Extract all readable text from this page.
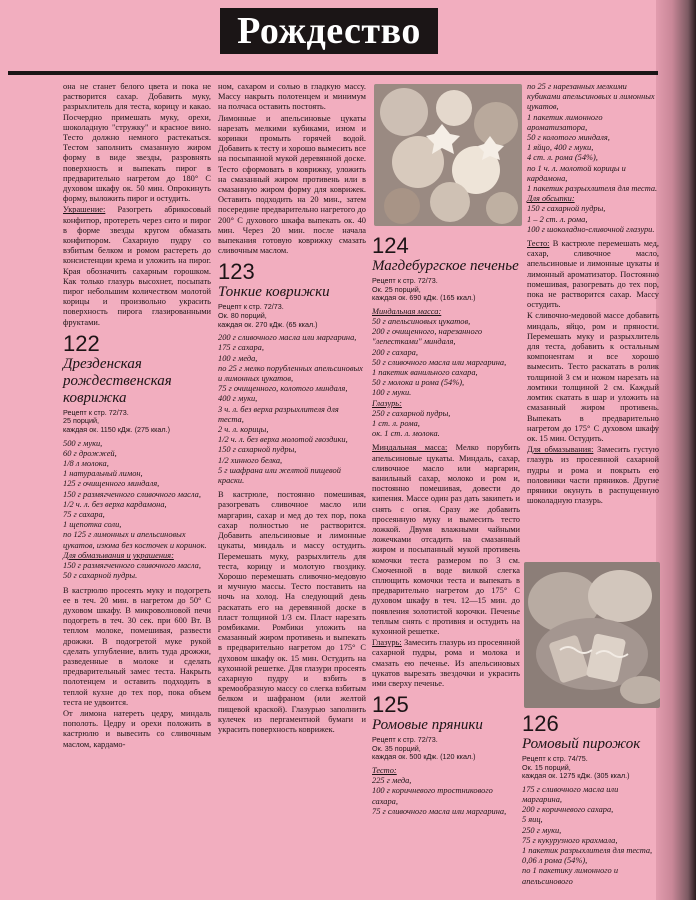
Рождество

она не станет белого цвета и пока не растворится сахар. Добавить муку, разрыхлитель для теста, корицу и какао. Посчердно примешать муку, орехи, шоколадную "стружку" и красное вино. Тесто должно немного растекаться. Тестом заполнить смазанную жиром форму в виде звезды, разровнять поверхность и выпекать пирог в предварительно нагретом до 180° С духовом шкафу ок. 50 мин. Опрокинуть форму, выложить пирог и остудить.

Украшение: Разогреть абрикосовый конфитюр, протереть через сито и пирог в форме звезды кругом обмазать конфитюром. Сахарную пудру со взбитым белком и ромом растереть до консистенции крема и уложить на пирог. Края обозначить сахарным горошком. Как только глазурь высохнет, посыпать пирог небольшим количеством молотой корицы и произвольно украсить поверхность пирога глазированными фруктами.

122
Дрезденская рождественская коврижка
Рецепт к стр. 72/73.
25 порций,
каждая ок. 1150 кДж. (275 ккал.)
500 г муки,
60 г дрожжей,
1/8 л молока,
1 натуральный лимон,
125 г очищенного миндаля,
150 г размягченного сливочного масла,
1/2 ч. л. без верха кардамона,
75 г сахара,
1 щепотка соли,
по 125 г лимонных и апельсиновых цукатов, изюма без косточек и коринок.
Для обмазывания и украшения:
150 г размягченного сливочного масла,
50 г сахарной пудры.

В кастрюлю просеять муку и подогреть ее в теч. 20 мин. в нагретом до 50° С духовом шкафу. В микроволновой печи подогреть в теч. 30 сек. при 600 Вт. В теплом молоке, помешивая, развести дрожжи. В подогретой муке рукой сделать углубление, влить туда дрожжи, разведенные в молоке и сделать предварительный замес теста. Накрыть полотенцем и оставить подходить в теплой кухне до тех пор, пока объем теста не удвоится.

От лимона натереть цедру, миндаль пополоть. Цедру и орехи положить в кастрюлю и вывесить со сливочным маслом, кардамо-

ном, сахаром и солью в гладкую массу. Массу накрыть полотенцем и минимум на полчаса оставить постоять.

Лимонные и апельсиновые цукаты нарезать мелкими кубиками, изюм и коринки промыть горячей водой. Добавить к тесту и хорошо вымесить все на посыпанной мукой деревянной доске. Тесто сформовать в коврижку, уложить на смазанный жиром противень или в смазанную жиром форму для коврижек. Оставить подходить на 20 мин., затем посередине предварительно нагретого до 200° С духового шкафа выпекать ок. 40 мин. Через 20 мин. после начала выпекания готовую коврижку смазать сливочным маслом.

123
Тонкие коврижки
Рецепт к стр. 72/73.
Ок. 80 порций,
каждая ок. 270 кДж. (65 ккал.)
200 г сливочного масла или маргарина,
175 г сахара,
100 г меда,
по 25 г мелко порубленных апельсиновых и лимонных цукатов,
75 г очищенного, колотого миндаля,
400 г муки,
3 ч. л. без верха разрыхлителя для теста,
2 ч. л. корицы,
1/2 ч. л. без верха молотой гвоздики,
150 г сахарной пудры,
1/2 хинного белка,
5 г шафрана или желтой пищевой краски.

В кастрюле, постоянно помешивая, разогревать сливочное масло или маргарин, сахар и мед до тех пор, пока сахар полностью не растворится. Добавить апельсиновые и лимонные цукаты, миндаль и массу остудить. Перемешать муку, разрыхлитель для теста, корицу и молотую гвоздику. Хорошо перемешать сливочно-медовую и мучную массы. Тесто поставить на ночь на холод. На следующий день раскатать его на деревянной доске в пласт толщиной 1/3 см. Пласт нарезать ромбиками. Ромбики уложить на смазанный жиром противень и выпекать в предварительно нагретом до 175° С духовом шкафу ок. 15 мин. Остудить на кухонной решетке. Для глазури просеять сахарную пудру и взбить в кремообразную массу со слегка взбитым белком и шафраном (или желтой пищевой краской). Глазурью заполнить кулечек из пергаментной бумаги и украсить поверхность коврижек.

124
Магдебургское печенье
Рецепт к стр. 72/73.
Ок. 25 порций,
каждая ок. 690 кДж. (165 ккал.)
Миндальная масса:
50 г апельсиновых цукатов,
200 г очищенного, нарезанного "лепестками" миндаля,
200 г сахара,
50 г сливочного масла или маргарина,
1 пакетик ванильного сахара,
50 г молока и рома (54%),
100 г муки.
Глазурь:
250 г сахарной пудры,
1 ст. л. рома,
ок. 1 ст. л. молока.

Миндальная масса: Мелко порубить апельсиновые цукаты. Миндаль, сахар, сливочное масло или маргарин, ванильный сахар, молоко и ром и, постоянно помешивая, довести до кипения. Массе один раз дать закипеть и снять с огня. Сразу же добавить просеянную муку и вымесить тесто ложкой. Двумя влажными чайными ложечками отсадить на смазанный жиром и посыпанный мукой противень комочки теста размером по 3 см. Смоченной в воде вилкой слегка сплющить комочки теста и выпекать в предварительно нагретом до 175° С духовом шкафу в теч. 12—15 мин. до появления золотистой корочки. Печенье теплым снять с противня и остудить на кухонной решетке.

Глазурь: Замесить глазурь из просеянной сахарной пудры, рома и молока и смазать ею печенье. Из апельсиновых цукатов вырезать звездочки и украсить ими сверху печенье.

125
Ромовые пряники
Рецепт к стр. 72/73.
Ок. 35 порций,
каждая ок. 500 кДж. (120 ккал.)
Тесто:
225 г меда,
100 г коричневого тростникового сахара,
75 г сливочного масла или маргарина,
по 25 г нарезанных мелкими кубиками апельсиновых и лимонных цукатов,
1 пакетик лимонного ароматизатора,
50 г колотого миндаля,
1 яйцо, 400 г муки,
4 ст. л. рома (54%),
по 1 ч. л. молотой корицы и кардамона,
1 пакетик разрыхлителя для теста.
Для обсыпки:
150 г сахарной пудры,
1 – 2 ст. л. рома,
100 г шоколадно-сливочной глазури.

Тесто: В кастрюле перемешать мед, сахар, сливочное масло, апельсиновые и лимонные цукаты и лимонный ароматизатор. Постоянно помешивая, разогревать до тех пор, пока не растворится сахар. Массу остудить.

К сливочно-медовой массе добавить миндаль, яйцо, ром и пряности. Перемешать муку и разрыхлитель для теста, добавить к остальным компонентам и все хорошо вымесить. Тесто раскатать в ролик толщиной 3 см и ножом нарезать на ломтики толщиной 2 см. Каждый ломтик скатать в шар и уложить на смазанный жиром противень. Выпекать в предварительно нагретом до 175° С духовом шкафу ок. 15 мин. Остудить.

Для обмазывания: Замесить густую глазурь из просеянной сахарной пудры и рома и покрыть ею половинки части пряников. Другие пряники окунуть в распущенную шоколадную глазурь.

126
Ромовый пирожок
Рецепт к стр. 74/75.
Ок. 15 порций,
каждая ок. 1275 кДж. (305 ккал.)
175 г сливочного масла или маргарина,
200 г коричневого сахара,
5 яиц,
250 г муки,
75 г кукурузного крахмала,
1 пакетик разрыхлителя для теста,
0,06 л рома (54%),
по 1 пакетику лимонного и апельсинового
